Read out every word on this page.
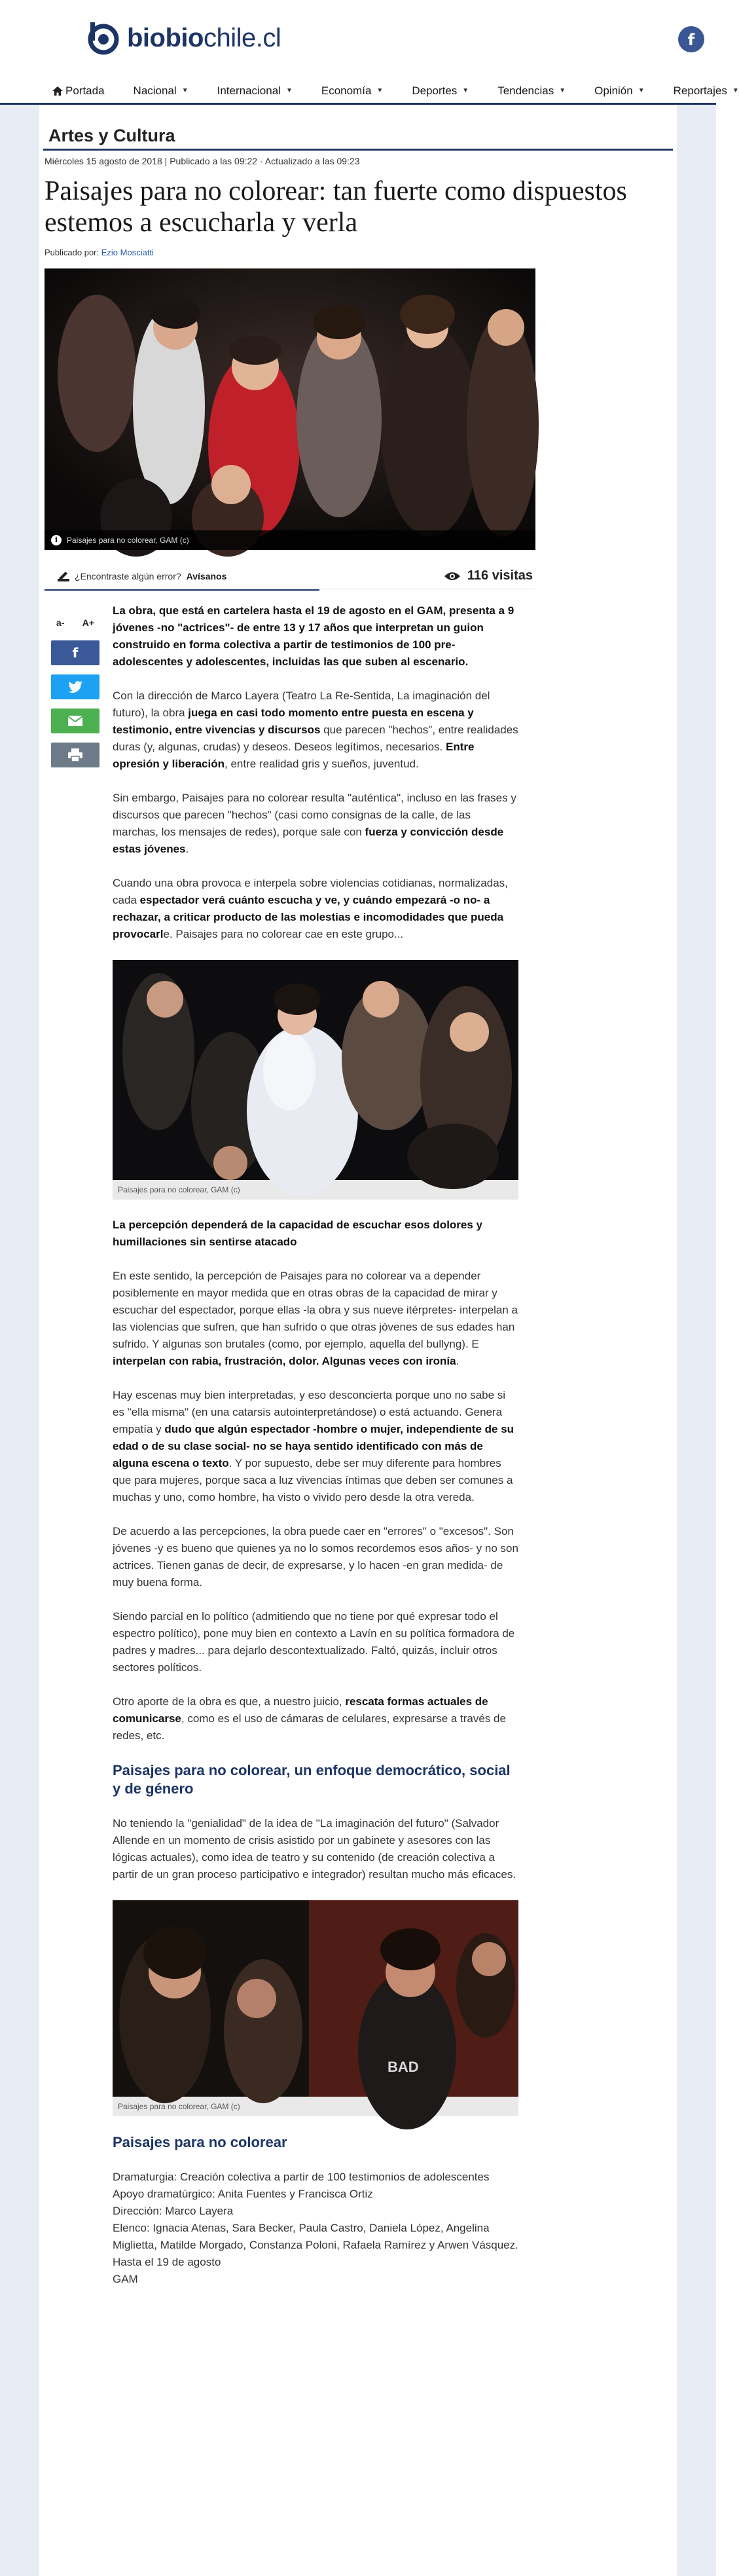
biobiochile.cl	f
Portada	Nacional ▼	Internacional ▼	Economía ▼	Deportes ▼	Tendencias ▼	Opinión ▼	Reportajes ▼
Artes y Cultura
Miércoles 15 agosto de 2018 | Publicado a las 09:22 · Actualizado a las 09:23
Paisajes para no colorear: tan fuerte como dispuestos estemos a escucharla y verla
Publicado por: Ezio Mosciatti
i	Paisajes para no colorear, GAM (c)
¿Encontraste algún error? Avísanos	116 visitas
a- A+
f

La obra, que está en cartelera hasta el 19 de agosto en el GAM, presenta a 9 jóvenes -no "actrices"- de entre 13 y 17 años que interpretan un guion construido en forma colectiva a partir de testimonios de 100 pre-adolescentes y adolescentes, incluidas las que suben al escenario.

Con la dirección de Marco Layera (Teatro La Re-Sentida, La imaginación del futuro), la obra juega en casi todo momento entre puesta en escena y testimonio, entre vivencias y discursos que parecen "hechos", entre realidades duras (y, algunas, crudas) y deseos. Deseos legítimos, necesarios. Entre opresión y liberación, entre realidad gris y sueños, juventud.

Sin embargo, Paisajes para no colorear resulta "auténtica", incluso en las frases y discursos que parecen "hechos" (casi como consignas de la calle, de las marchas, los mensajes de redes), porque sale con fuerza y convicción desde estas jóvenes.

Cuando una obra provoca e interpela sobre violencias cotidianas, normalizadas, cada espectador verá cuánto escucha y ve, y cuándo empezará -o no- a rechazar, a criticar producto de las molestias e incomodidades que pueda provocarle. Paisajes para no colorear cae en este grupo...

Paisajes para no colorear, GAM (c)

La percepción dependerá de la capacidad de escuchar esos dolores y humillaciones sin sentirse atacado

En este sentido, la percepción de Paisajes para no colorear va a depender posiblemente en mayor medida que en otras obras de la capacidad de mirar y escuchar del espectador, porque ellas -la obra y sus nueve itérpretes- interpelan a las violencias que sufren, que han sufrido o que otras jóvenes de sus edades han sufrido. Y algunas son brutales (como, por ejemplo, aquella del bullyng). E interpelan con rabia, frustración, dolor. Algunas veces con ironía.

Hay escenas muy bien interpretadas, y eso desconcierta porque uno no sabe si es "ella misma" (en una catarsis autointerpretándose) o está actuando. Genera empatía y dudo que algún espectador -hombre o mujer, independiente de su edad o de su clase social- no se haya sentido identificado con más de alguna escena o texto. Y por supuesto, debe ser muy diferente para hombres que para mujeres, porque saca a luz vivencias íntimas que deben ser comunes a muchas y uno, como hombre, ha visto o vivido pero desde la otra vereda.

De acuerdo a las percepciones, la obra puede caer en "errores" o "excesos". Son jóvenes -y es bueno que quienes ya no lo somos recordemos esos años- y no son actrices. Tienen ganas de decir, de expresarse, y lo hacen -en gran medida- de muy buena forma.

Siendo parcial en lo político (admitiendo que no tiene por qué expresar todo el espectro político), pone muy bien en contexto a Lavín en su política formadora de padres y madres... para dejarlo descontextualizado. Faltó, quizás, incluir otros sectores políticos.

Otro aporte de la obra es que, a nuestro juicio, rescata formas actuales de comunicarse, como es el uso de cámaras de celulares, expresarse a través de redes, etc.

Paisajes para no colorear, un enfoque democrático, social y de género

No teniendo la "genialidad" de la idea de "La imaginación del futuro" (Salvador Allende en un momento de crisis asistido por un gabinete y asesores con las lógicas actuales), como idea de teatro y su contenido (de creación colectiva a partir de un gran proceso participativo e integrador) resultan mucho más eficaces.

BAD
Paisajes para no colorear, GAM (c)
Paisajes para no colorear
Dramaturgia: Creación colectiva a partir de 100 testimonios de adolescentes
Apoyo dramatúrgico: Anita Fuentes y Francisca Ortiz
Dirección: Marco Layera
Elenco: Ignacia Atenas, Sara Becker, Paula Castro, Daniela López, Angelina Miglietta, Matilde Morgado, Constanza Poloni, Rafaela Ramírez y Arwen Vásquez.
Hasta el 19 de agosto
GAM
